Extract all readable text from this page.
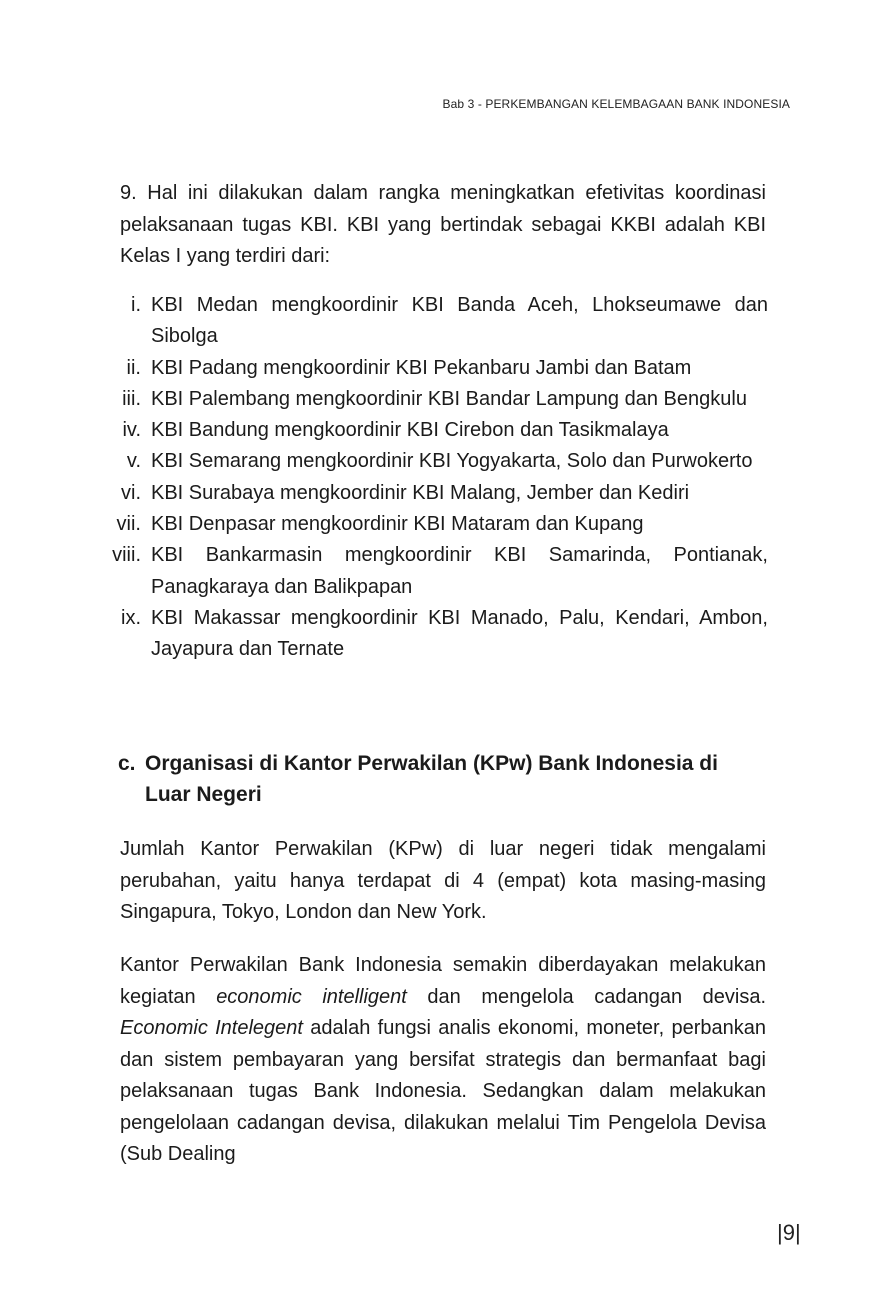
Bab 3 - PERKEMBANGAN KELEMBAGAAN BANK INDONESIA

9. Hal ini dilakukan dalam rangka meningkatkan efetivitas koordinasi pelaksanaan tugas KBI. KBI yang bertindak sebagai KKBI adalah KBI Kelas I yang terdiri dari:

i. KBI Medan mengkoordinir KBI Banda Aceh, Lhokseumawe dan Sibolga
ii. KBI Padang mengkoordinir KBI Pekanbaru Jambi dan Batam
iii. KBI Palembang mengkoordinir KBI Bandar Lampung dan Bengkulu
iv. KBI Bandung mengkoordinir KBI Cirebon dan Tasikmalaya
v. KBI Semarang mengkoordinir KBI Yogyakarta, Solo dan Purwokerto
vi. KBI Surabaya mengkoordinir KBI Malang, Jember dan Kediri
vii. KBI Denpasar mengkoordinir KBI Mataram dan Kupang
viii. KBI Bankarmasin mengkoordinir KBI Samarinda, Pontianak, Panagkaraya dan Balikpapan
ix. KBI Makassar mengkoordinir KBI Manado, Palu, Kendari, Ambon, Jayapura dan Ternate
c. Organisasi di Kantor Perwakilan (KPw) Bank Indonesia di
Luar Negeri

Jumlah Kantor Perwakilan (KPw) di luar negeri tidak mengalami perubahan, yaitu hanya terdapat di 4 (empat) kota masing-masing Singapura, Tokyo, London dan New York.

Kantor Perwakilan Bank Indonesia semakin diberdayakan melakukan kegiatan economic intelligent dan mengelola cadangan devisa. Economic Intelegent adalah fungsi analis ekonomi, moneter, perbankan dan sistem pembayaran yang bersifat strategis dan bermanfaat bagi pelaksanaan tugas Bank Indonesia. Sedangkan dalam melakukan pengelolaan cadangan devisa, dilakukan melalui Tim Pengelola Devisa (Sub Dealing

|9|
